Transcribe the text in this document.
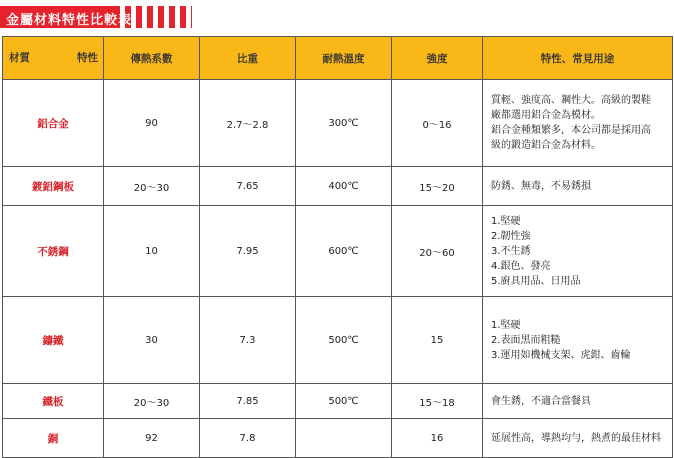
金屬材料特性比較表
材質 特性	傳熱系數	比重	耐熱溫度	強度	特性、常見用途
鋁合金	90	2.7～2.8	300℃	0～16	質輕、強度高、鋼性大。高級的製鞋
廠都選用鋁合金為模材。
鋁合金種類繁多，本公司都是採用高
級的鍛造鋁合金為材料。

鍍鋁鋼板	20～30	7.65	400℃	15～20	防銹、無毒，不易銹損

不銹鋼	10	7.95	600℃	20～60	1.堅硬
2.韌性強
3.不生銹
4.銀色、發亮
5.廚具用品、日用品

鑄鐵	30	7.3	500℃	15	1.堅硬
2.表面黑而粗糙
3.運用如機械支架、虎鉗、齒輪

鐵板	20～30	7.85	500℃	15～18	會生銹，不適合當餐具

銅	92	7.8		16	延展性高，導熱均勻，熱煮的最佳材料
